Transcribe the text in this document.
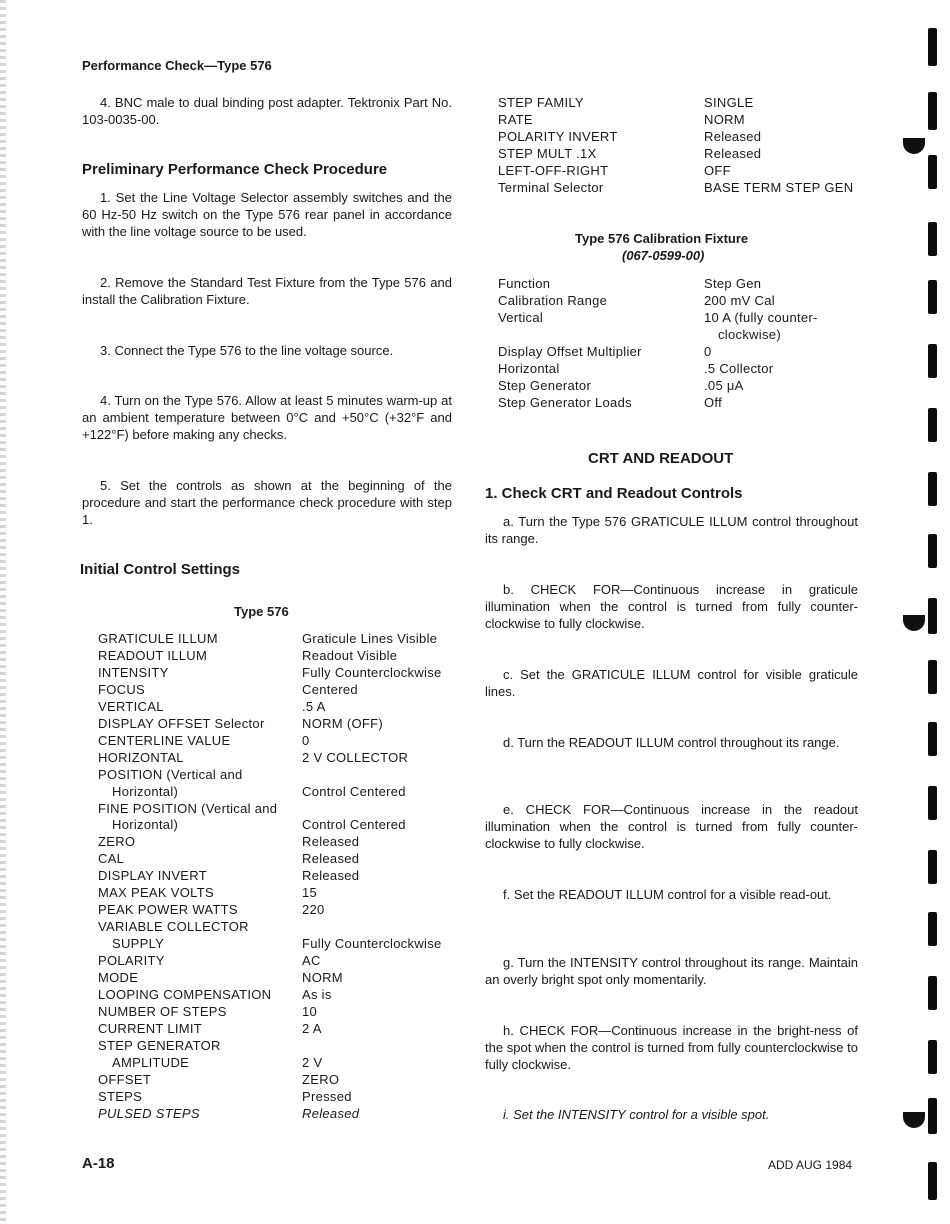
Performance Check—Type 576
4. BNC male to dual binding post adapter. Tektronix Part No. 103-0035-00.
Preliminary Performance Check Procedure
1. Set the Line Voltage Selector assembly switches and the 60 Hz-50 Hz switch on the Type 576 rear panel in accordance with the line voltage source to be used.
2. Remove the Standard Test Fixture from the Type 576 and install the Calibration Fixture.
3. Connect the Type 576 to the line voltage source.
4. Turn on the Type 576. Allow at least 5 minutes warm-up at an ambient temperature between 0°C and +50°C (+32°F and +122°F) before making any checks.
5. Set the controls as shown at the beginning of the procedure and start the performance check procedure with step 1.
Initial Control Settings
Type 576
GRATICULE ILLUM	Graticule Lines Visible
READOUT ILLUM	Readout Visible
INTENSITY	Fully Counterclockwise
FOCUS	Centered
VERTICAL	.5 A
DISPLAY OFFSET Selector	NORM (OFF)
CENTERLINE VALUE	0
HORIZONTAL	2 V COLLECTOR
POSITION (Vertical and
Horizontal)	Control Centered
FINE POSITION (Vertical and
Horizontal)	Control Centered
ZERO	Released
CAL	Released
DISPLAY INVERT	Released
MAX PEAK VOLTS	15
PEAK POWER WATTS	220
VARIABLE COLLECTOR
SUPPLY	Fully Counterclockwise
POLARITY	AC
MODE	NORM
LOOPING COMPENSATION As is
NUMBER OF STEPS	10
CURRENT LIMIT	2 A
STEP GENERATOR
AMPLITUDE	2 V
OFFSET	ZERO
STEPS	Pressed
PULSED STEPS	Released
STEP FAMILY	SINGLE
RATE	NORM
POLARITY INVERT	Released
STEP MULT .1X	Released
LEFT-OFF-RIGHT	OFF
Terminal Selector	BASE TERM STEP GEN
Type 576 Calibration Fixture
(067-0599-00)
Function	Step Gen
Calibration Range	200 mV Cal
Vertical	10 A (fully counter-
clockwise)
Display Offset Multiplier	0
Horizontal	.5 Collector
Step Generator	.05 μA
Step Generator Loads	Off
CRT AND READOUT
1. Check CRT and Readout Controls
a. Turn the Type 576 GRATICULE ILLUM control throughout its range.
b. CHECK FOR—Continuous increase in graticule illumination when the control is turned from fully counter-clockwise to fully clockwise.
c. Set the GRATICULE ILLUM control for visible graticule lines.
d. Turn the READOUT ILLUM control throughout its range.
e. CHECK FOR—Continuous increase in the readout illumination when the control is turned from fully counter-clockwise to fully clockwise.
f. Set the READOUT ILLUM control for a visible read-out.
g. Turn the INTENSITY control throughout its range. Maintain an overly bright spot only momentarily.
h. CHECK FOR—Continuous increase in the bright-ness of the spot when the control is turned from fully counterclockwise to fully clockwise.
i. Set the INTENSITY control for a visible spot.
A-18	ADD AUG 1984
